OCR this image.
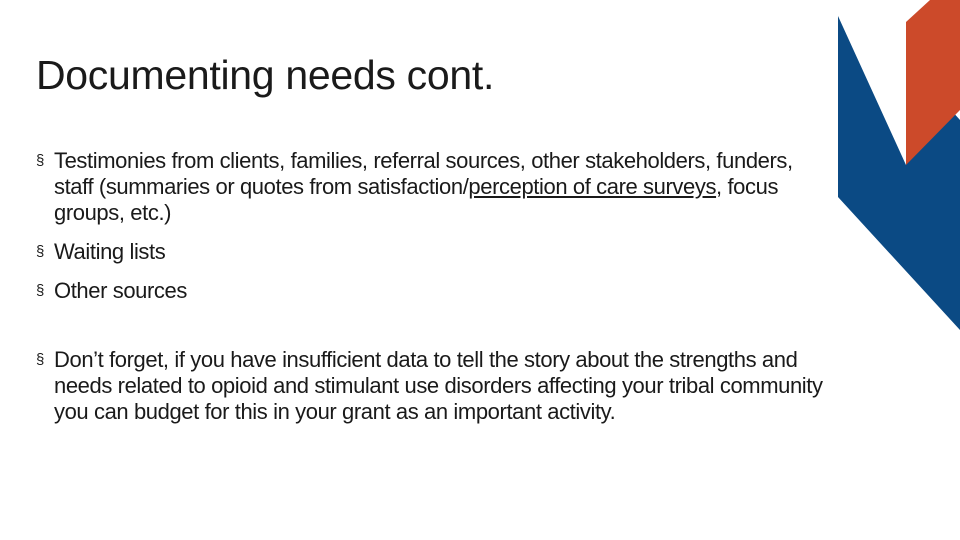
Documenting needs cont.
§ Testimonies from clients, families, referral sources, other stakeholders, funders, staff (summaries or quotes from satisfaction/perception of care surveys, focus groups, etc.)
§ Waiting lists
§ Other sources
§ Don’t forget, if you have insufficient data to tell the story about the strengths and needs related to opioid and stimulant use disorders affecting your tribal community you can budget for this in your grant as an important activity.
